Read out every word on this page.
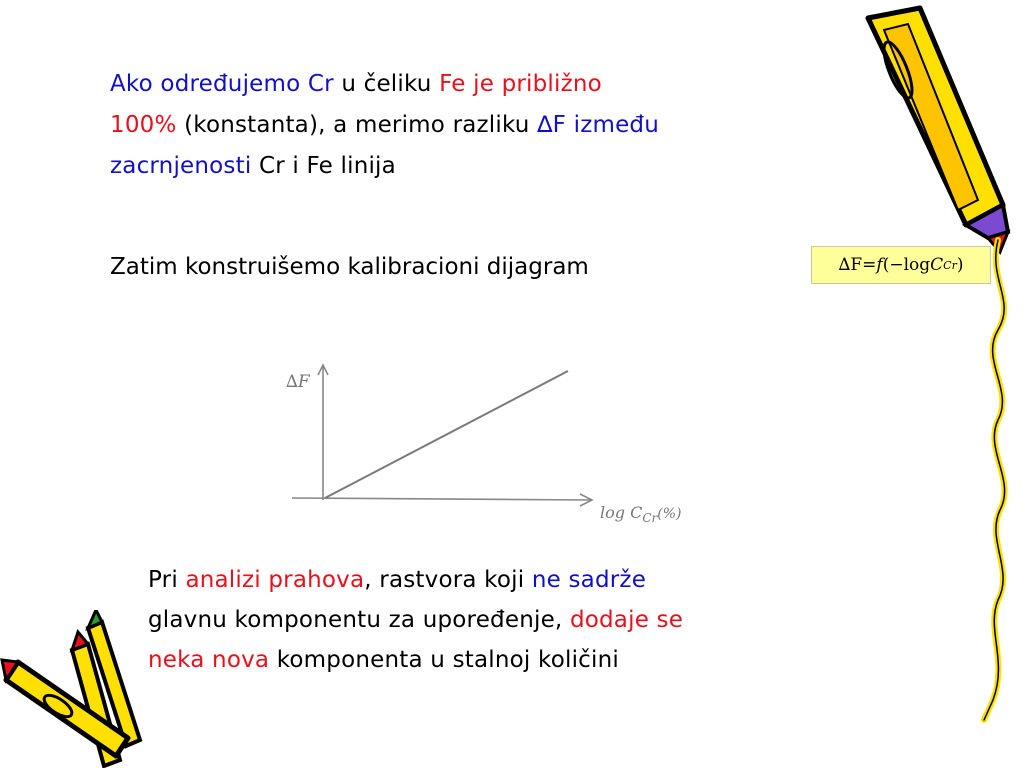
Ako određujemo Cr u čeliku Fe je približno
100% (konstanta), a merimo razliku ∆F između
zacrnjenosti Cr i Fe linija

Zatim konstruišemo kalibracioni dijagram	∆F = f (−log C Cr )
∆F
$\log C_{Cr}(\%)$

Pri analizi prahova, rastvora koji ne sadrže
glavnu komponentu za upoređenje, dodaje se
neka nova komponenta u stalnoj količini
